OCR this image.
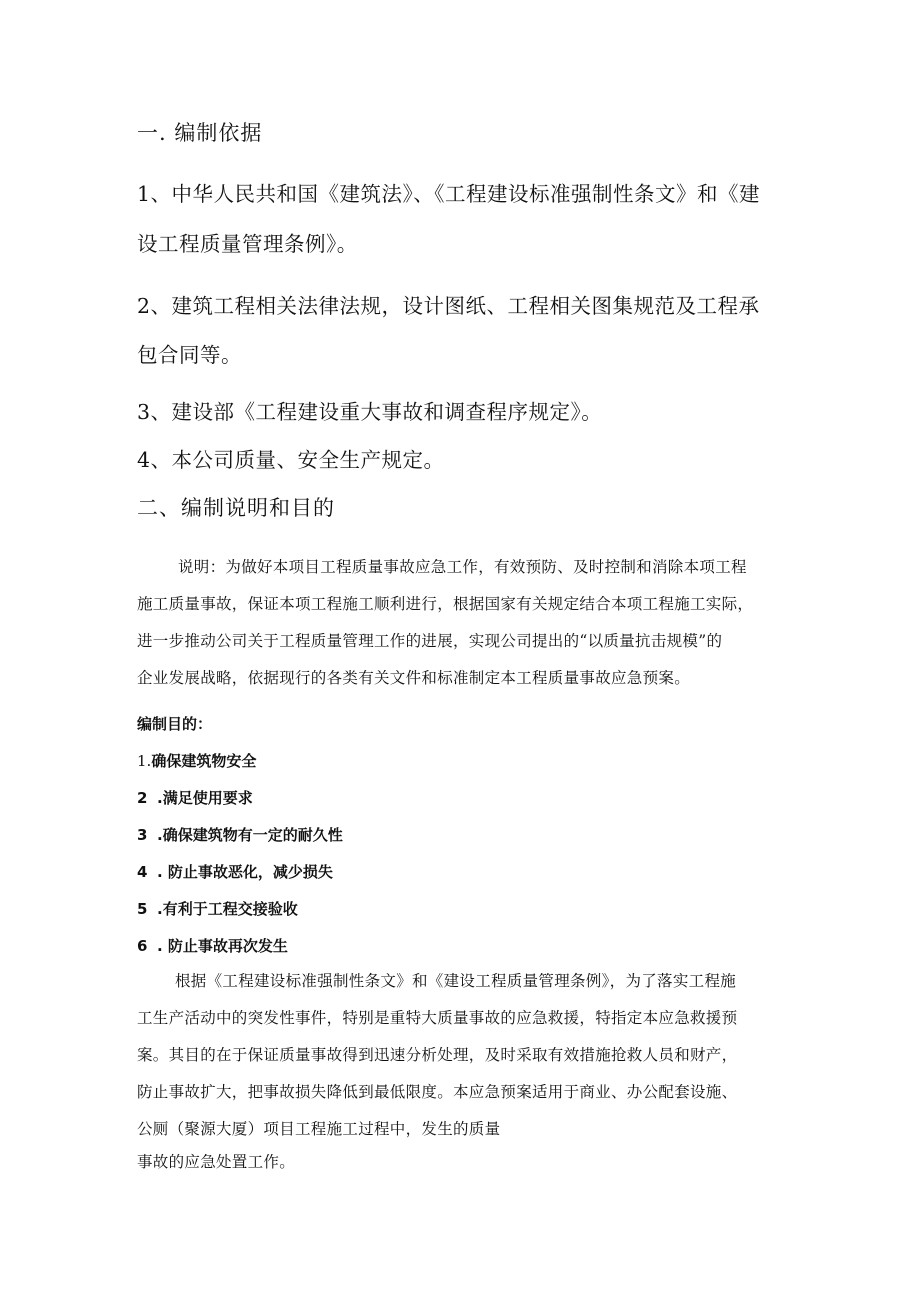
一. 编制依据
1、中华人民共和国《建筑法》、《工程建设标准强制性条文》和《建
设工程质量管理条例》。
2、建筑工程相关法律法规，设计图纸、工程相关图集规范及工程承
包合同等。
3、建设部《工程建设重大事故和调查程序规定》。
4、本公司质量、安全生产规定。
二、编制说明和目的
说明：为做好本项目工程质量事故应急工作，有效预防、及时控制和消除本项工程
施工质量事故，保证本项工程施工顺利进行，根据国家有关规定结合本项工程施工实际，
进一步推动公司关于工程质量管理工作的进展，实现公司提出的“以质量抗击规模”的
企业发展战略，依据现行的各类有关文件和标准制定本工程质量事故应急预案。
编制目的：
1.确保建筑物安全
2 .满足使用要求
3 .确保建筑物有一定的耐久性
4 . 防止事故恶化，减少损失
5 .有利于工程交接验收
6 . 防止事故再次发生
根据《工程建设标准强制性条文》和《建设工程质量管理条例》，为了落实工程施
工生产活动中的突发性事件，特别是重特大质量事故的应急救援，特指定本应急救援预
案。其目的在于保证质量事故得到迅速分析处理，及时采取有效措施抢救人员和财产，
防止事故扩大，把事故损失降低到最低限度。本应急预案适用于商业、办公配套设施、
公厕（聚源大厦）项目工程施工过程中，发生的质量
事故的应急处置工作。
